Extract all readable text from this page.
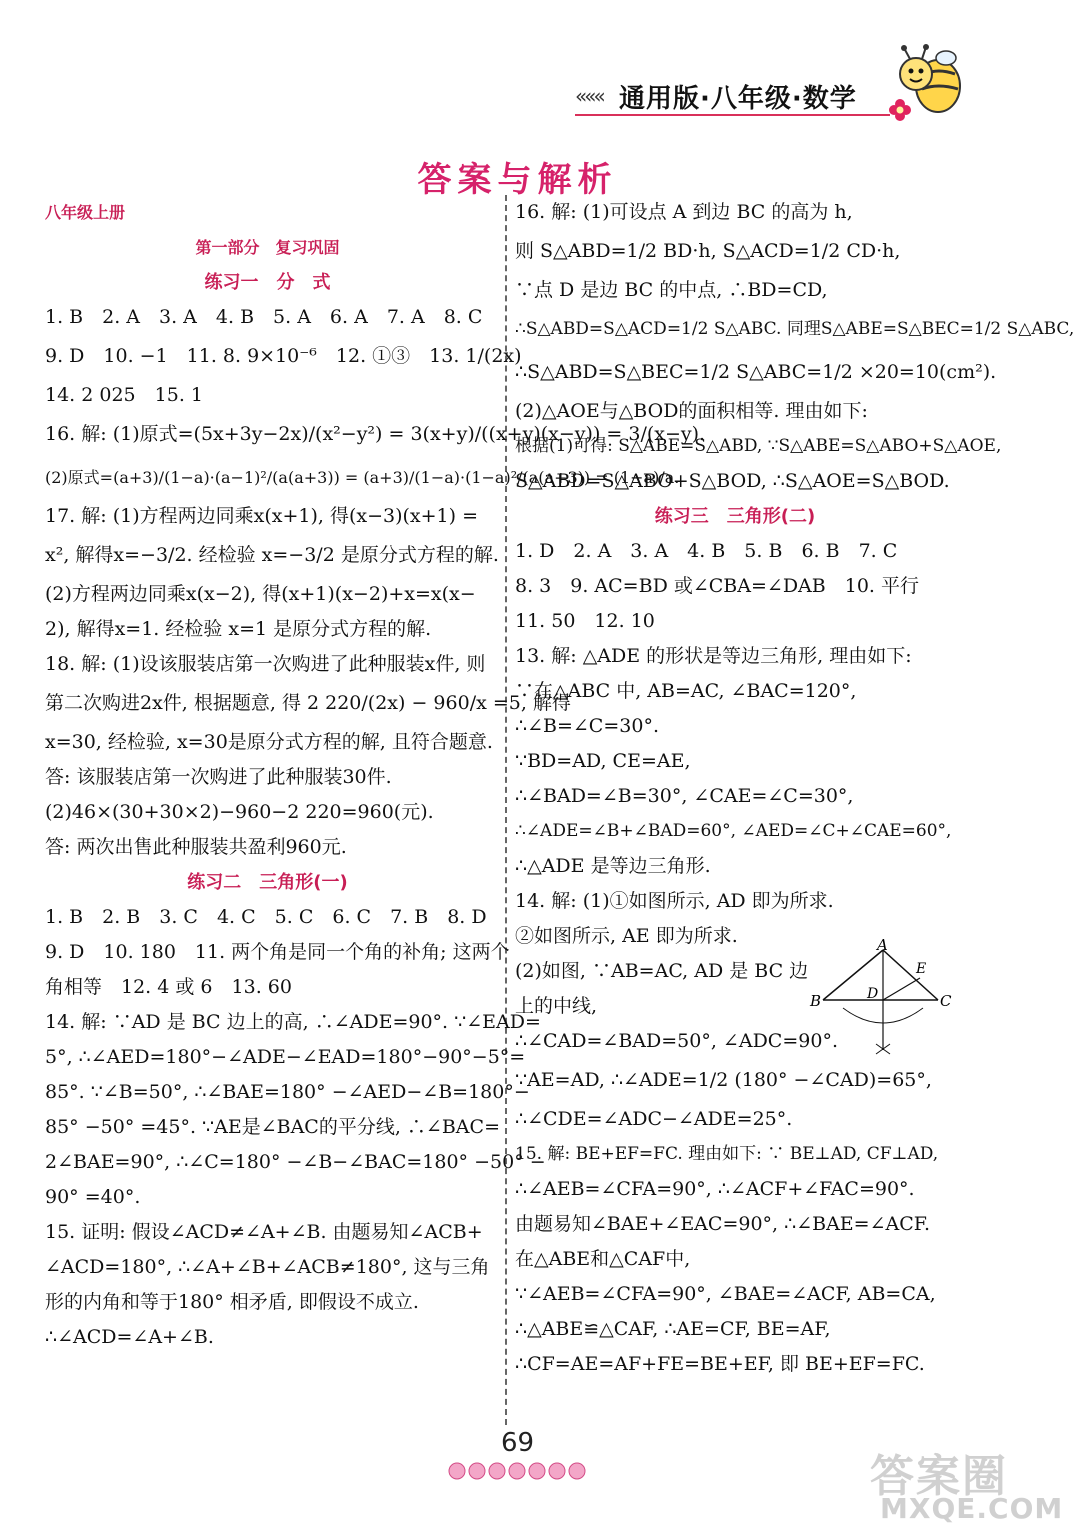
««« 通用版·八年级·数学
答案与解析
八年级上册
第一部分　复习巩固
练习一　分　式
1. B　2. A　3. A　4. B　5. A　6. A　7. A　8. C
9. D　10. −1　11. 8. 9×10⁻⁶　12. ①③　13. 1/(2x)
14. 2 025　15. 1
16. 解: (1)原式=(5x+3y−2x)/(x²−y²) = 3(x+y)/((x+y)(x−y)) = 3/(x−y).
(2)原式=(a+3)/(1−a)·(a−1)²/(a(a+3)) = (a+3)/(1−a)·(1−a)²/(a(a+3)) = (1−a)/a.
17. 解: (1)方程两边同乘x(x+1), 得(x−3)(x+1) =
x², 解得x=−3/2. 经检验 x=−3/2 是原分式方程的解.
(2)方程两边同乘x(x−2), 得(x+1)(x−2)+x=x(x−
2), 解得x=1. 经检验 x=1 是原分式方程的解.
18. 解: (1)设该服装店第一次购进了此种服装x件, 则
第二次购进2x件, 根据题意, 得 2 220/(2x) − 960/x =5, 解得
x=30, 经检验, x=30是原分式方程的解, 且符合题意.
答: 该服装店第一次购进了此种服装30件.
(2)46×(30+30×2)−960−2 220=960(元).
答: 两次出售此种服装共盈利960元.
练习二　三角形(一)
1. B　2. B　3. C　4. C　5. C　6. C　7. B　8. D
9. D　10. 180　11. 两个角是同一个角的补角; 这两个
角相等　12. 4 或 6　13. 60
14. 解: ∵AD 是 BC 边上的高, ∴∠ADE=90°. ∵∠EAD=
5°, ∴∠AED=180°−∠ADE−∠EAD=180°−90°−5°=
85°. ∵∠B=50°, ∴∠BAE=180° −∠AED−∠B=180°−
85° −50° =45°. ∵AE是∠BAC的平分线, ∴∠BAC=
2∠BAE=90°, ∴∠C=180° −∠B−∠BAC=180° −50° −
90° =40°.
15. 证明: 假设∠ACD≠∠A+∠B. 由题易知∠ACB+
∠ACD=180°, ∴∠A+∠B+∠ACB≠180°, 这与三角
形的内角和等于180° 相矛盾, 即假设不成立.
∴∠ACD=∠A+∠B.
16. 解: (1)可设点 A 到边 BC 的高为 h,
则 S△ABD=1/2 BD·h, S△ACD=1/2 CD·h,
∵点 D 是边 BC 的中点, ∴BD=CD,
∴S△ABD=S△ACD=1/2 S△ABC. 同理S△ABE=S△BEC=1/2 S△ABC,
∴S△ABD=S△BEC=1/2 S△ABC=1/2 ×20=10(cm²).
(2)△AOE与△BOD的面积相等. 理由如下:
根据(1)可得: S△ABE=S△ABD, ∵S△ABE=S△ABO+S△AOE,
S△ABD=S△ABO+S△BOD, ∴S△AOE=S△BOD.
练习三　三角形(二)
1. D　2. A　3. A　4. B　5. B　6. B　7. C
8. 3　9. AC=BD 或∠CBA=∠DAB　10. 平行
11. 50　12. 10
13. 解: △ADE 的形状是等边三角形, 理由如下:
∵在△ABC 中, AB=AC, ∠BAC=120°,
∴∠B=∠C=30°.
∵BD=AD, CE=AE,
∴∠BAD=∠B=30°, ∠CAE=∠C=30°,
∴∠ADE=∠B+∠BAD=60°, ∠AED=∠C+∠CAE=60°,
∴△ADE 是等边三角形.
14. 解: (1)①如图所示, AD 即为所求.
②如图所示, AE 即为所求.
(2)如图, ∵AB=AC, AD 是 BC 边
上的中线,
∴∠CAD=∠BAD=50°, ∠ADC=90°.
∵AE=AD, ∴∠ADE=1/2 (180° −∠CAD)=65°,
∴∠CDE=∠ADC−∠ADE=25°.
15. 解: BE+EF=FC. 理由如下: ∵ BE⊥AD, CF⊥AD,
∴∠AEB=∠CFA=90°, ∴∠ACF+∠FAC=90°.
由题易知∠BAE+∠EAC=90°, ∴∠BAE=∠ACF.
在△ABE和△CAF中,
∵∠AEB=∠CFA=90°, ∠BAE=∠ACF, AB=CA,
∴△ABE≌△CAF, ∴AE=CF, BE=AF,
∴CF=AE=AF+FE=BE+EF, 即 BE+EF=FC.
A
B	C
D
E
69
答案圈
MXQE.COM
